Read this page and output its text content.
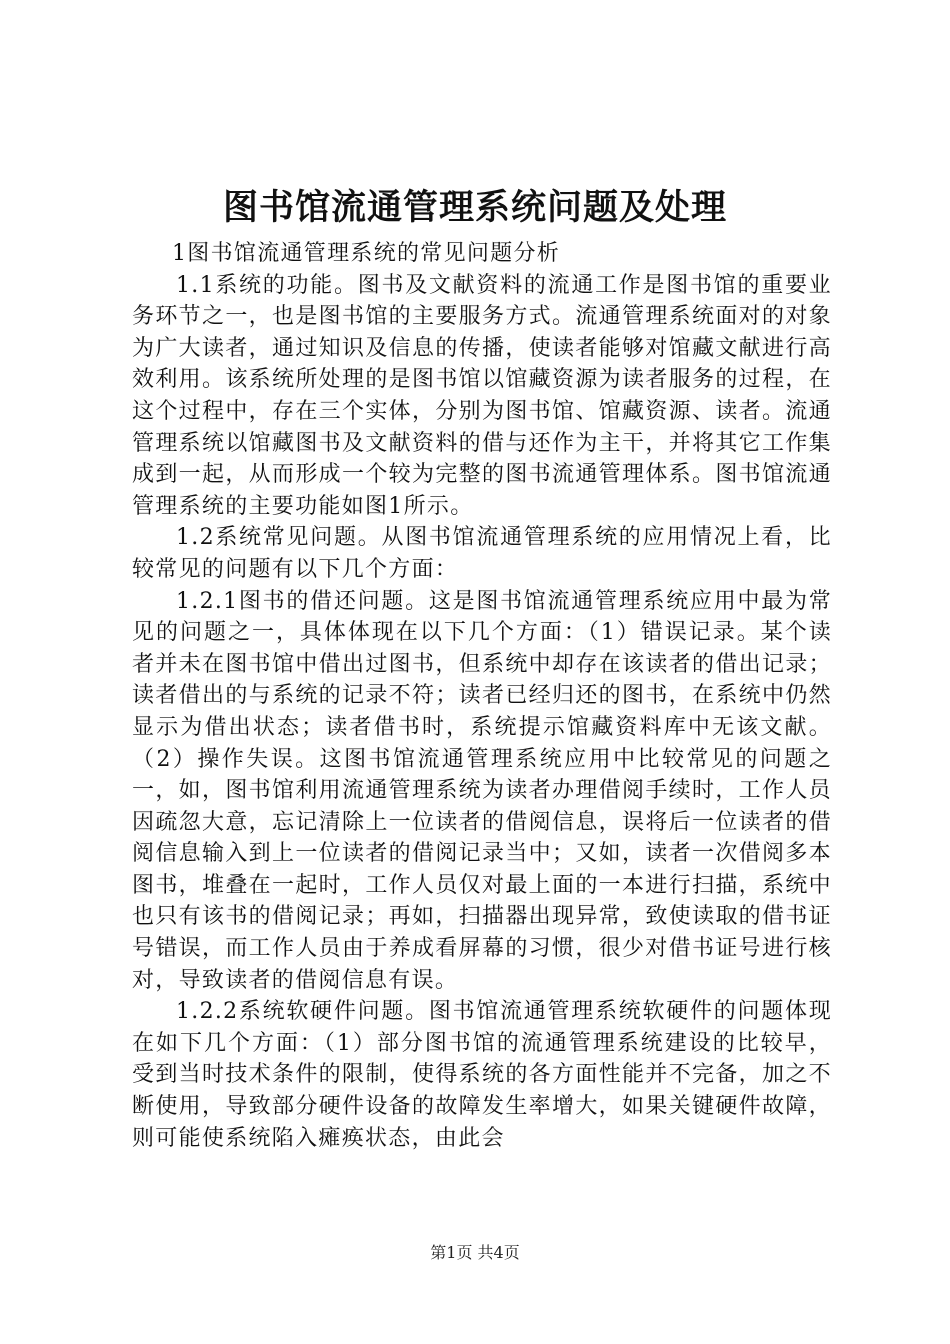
图书馆流通管理系统问题及处理

1图书馆流通管理系统的常见问题分析

1.1系统的功能。图书及文献资料的流通工作是图书馆的重要业务环节之一，也是图书馆的主要服务方式。流通管理系统面对的对象为广大读者，通过知识及信息的传播，使读者能够对馆藏文献进行高效利用。该系统所处理的是图书馆以馆藏资源为读者服务的过程，在这个过程中，存在三个实体，分别为图书馆、馆藏资源、读者。流通管理系统以馆藏图书及文献资料的借与还作为主干，并将其它工作集成到一起，从而形成一个较为完整的图书流通管理体系。图书馆流通管理系统的主要功能如图1所示。

1.2系统常见问题。从图书馆流通管理系统的应用情况上看，比较常见的问题有以下几个方面：

1.2.1图书的借还问题。这是图书馆流通管理系统应用中最为常见的问题之一，具体体现在以下几个方面：（1）错误记录。某个读者并未在图书馆中借出过图书，但系统中却存在该读者的借出记录；读者借出的与系统的记录不符；读者已经归还的图书，在系统中仍然显示为借出状态；读者借书时，系统提示馆藏资料库中无该文献。（2）操作失误。这图书馆流通管理系统应用中比较常见的问题之一，如，图书馆利用流通管理系统为读者办理借阅手续时，工作人员因疏忽大意，忘记清除上一位读者的借阅信息，误将后一位读者的借阅信息输入到上一位读者的借阅记录当中；又如，读者一次借阅多本图书，堆叠在一起时，工作人员仅对最上面的一本进行扫描，系统中也只有该书的借阅记录；再如，扫描器出现异常，致使读取的借书证号错误，而工作人员由于养成看屏幕的习惯，很少对借书证号进行核对，导致读者的借阅信息有误。

1.2.2系统软硬件问题。图书馆流通管理系统软硬件的问题体现在如下几个方面：（1）部分图书馆的流通管理系统建设的比较早，受到当时技术条件的限制，使得系统的各方面性能并不完备，加之不断使用，导致部分硬件设备的故障发生率增大，如果关键硬件故障，则可能使系统陷入瘫痪状态，由此会

第1页 共4页
